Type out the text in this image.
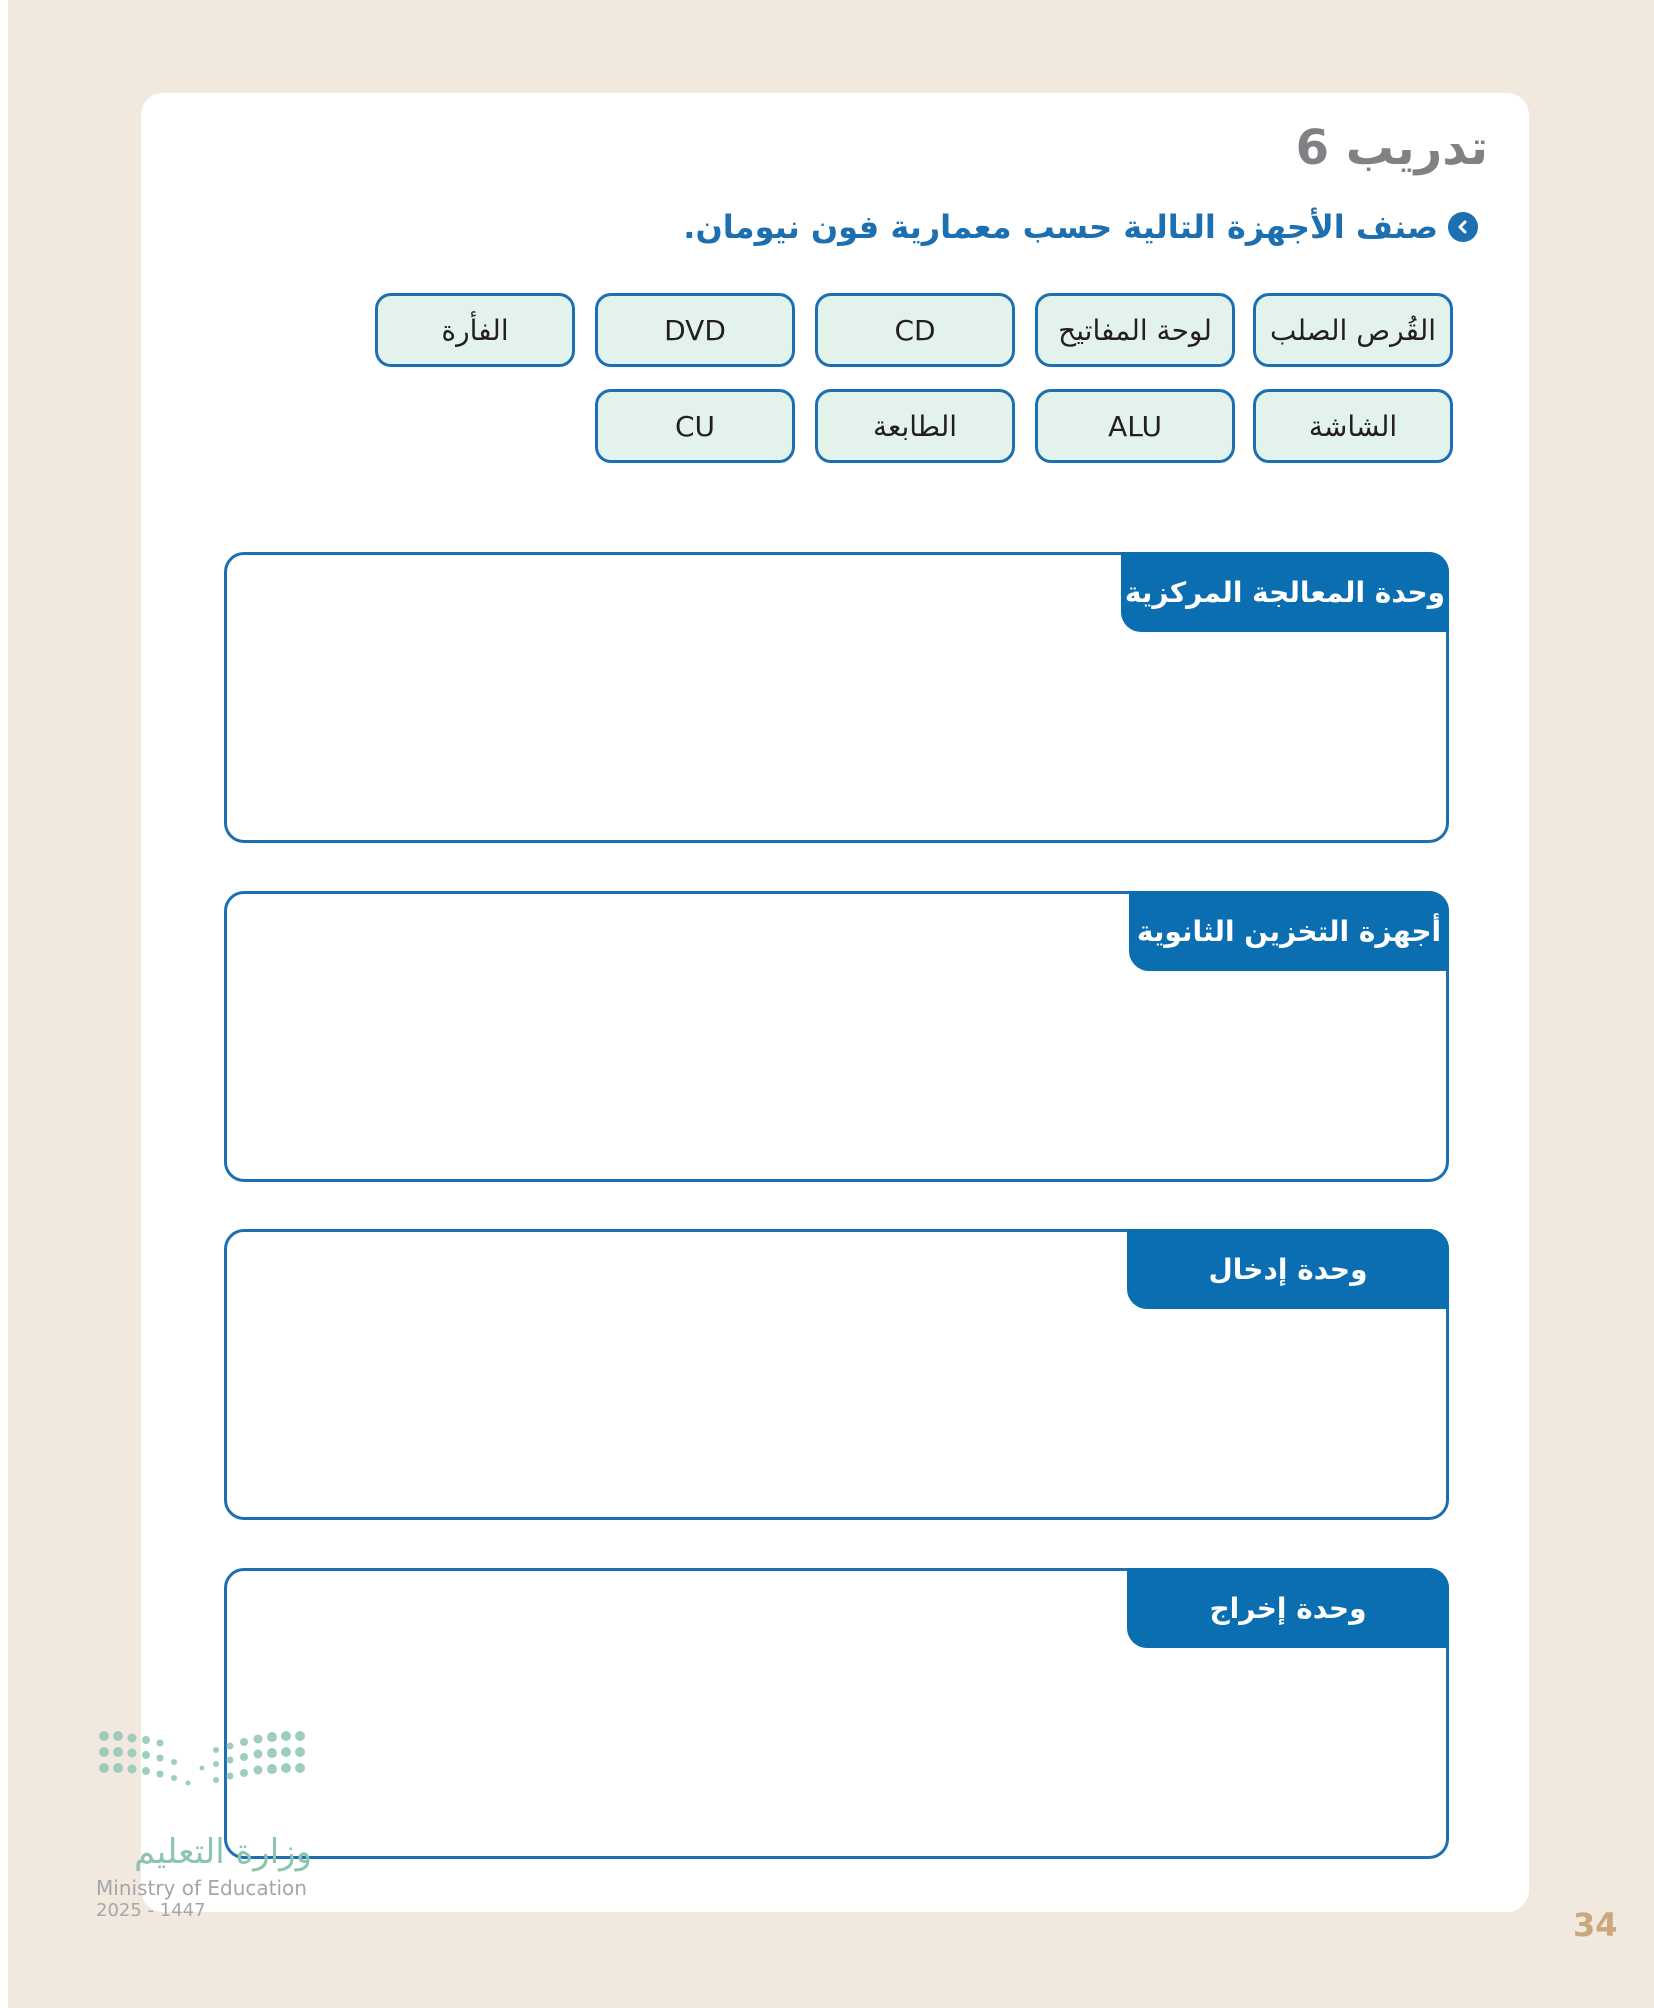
تدريب 6
صنف الأجهزة التالية حسب معمارية فون نيومان.
القُرص الصلب
لوحة المفاتيح
CD
DVD
الفأرة
الشاشة
ALU
الطابعة
CU
وحدة المعالجة المركزية
أجهزة التخزين الثانوية
وحدة إدخال
وحدة إخراج

وزارة التعليم

Ministry of Education

2025 - 1447	34
